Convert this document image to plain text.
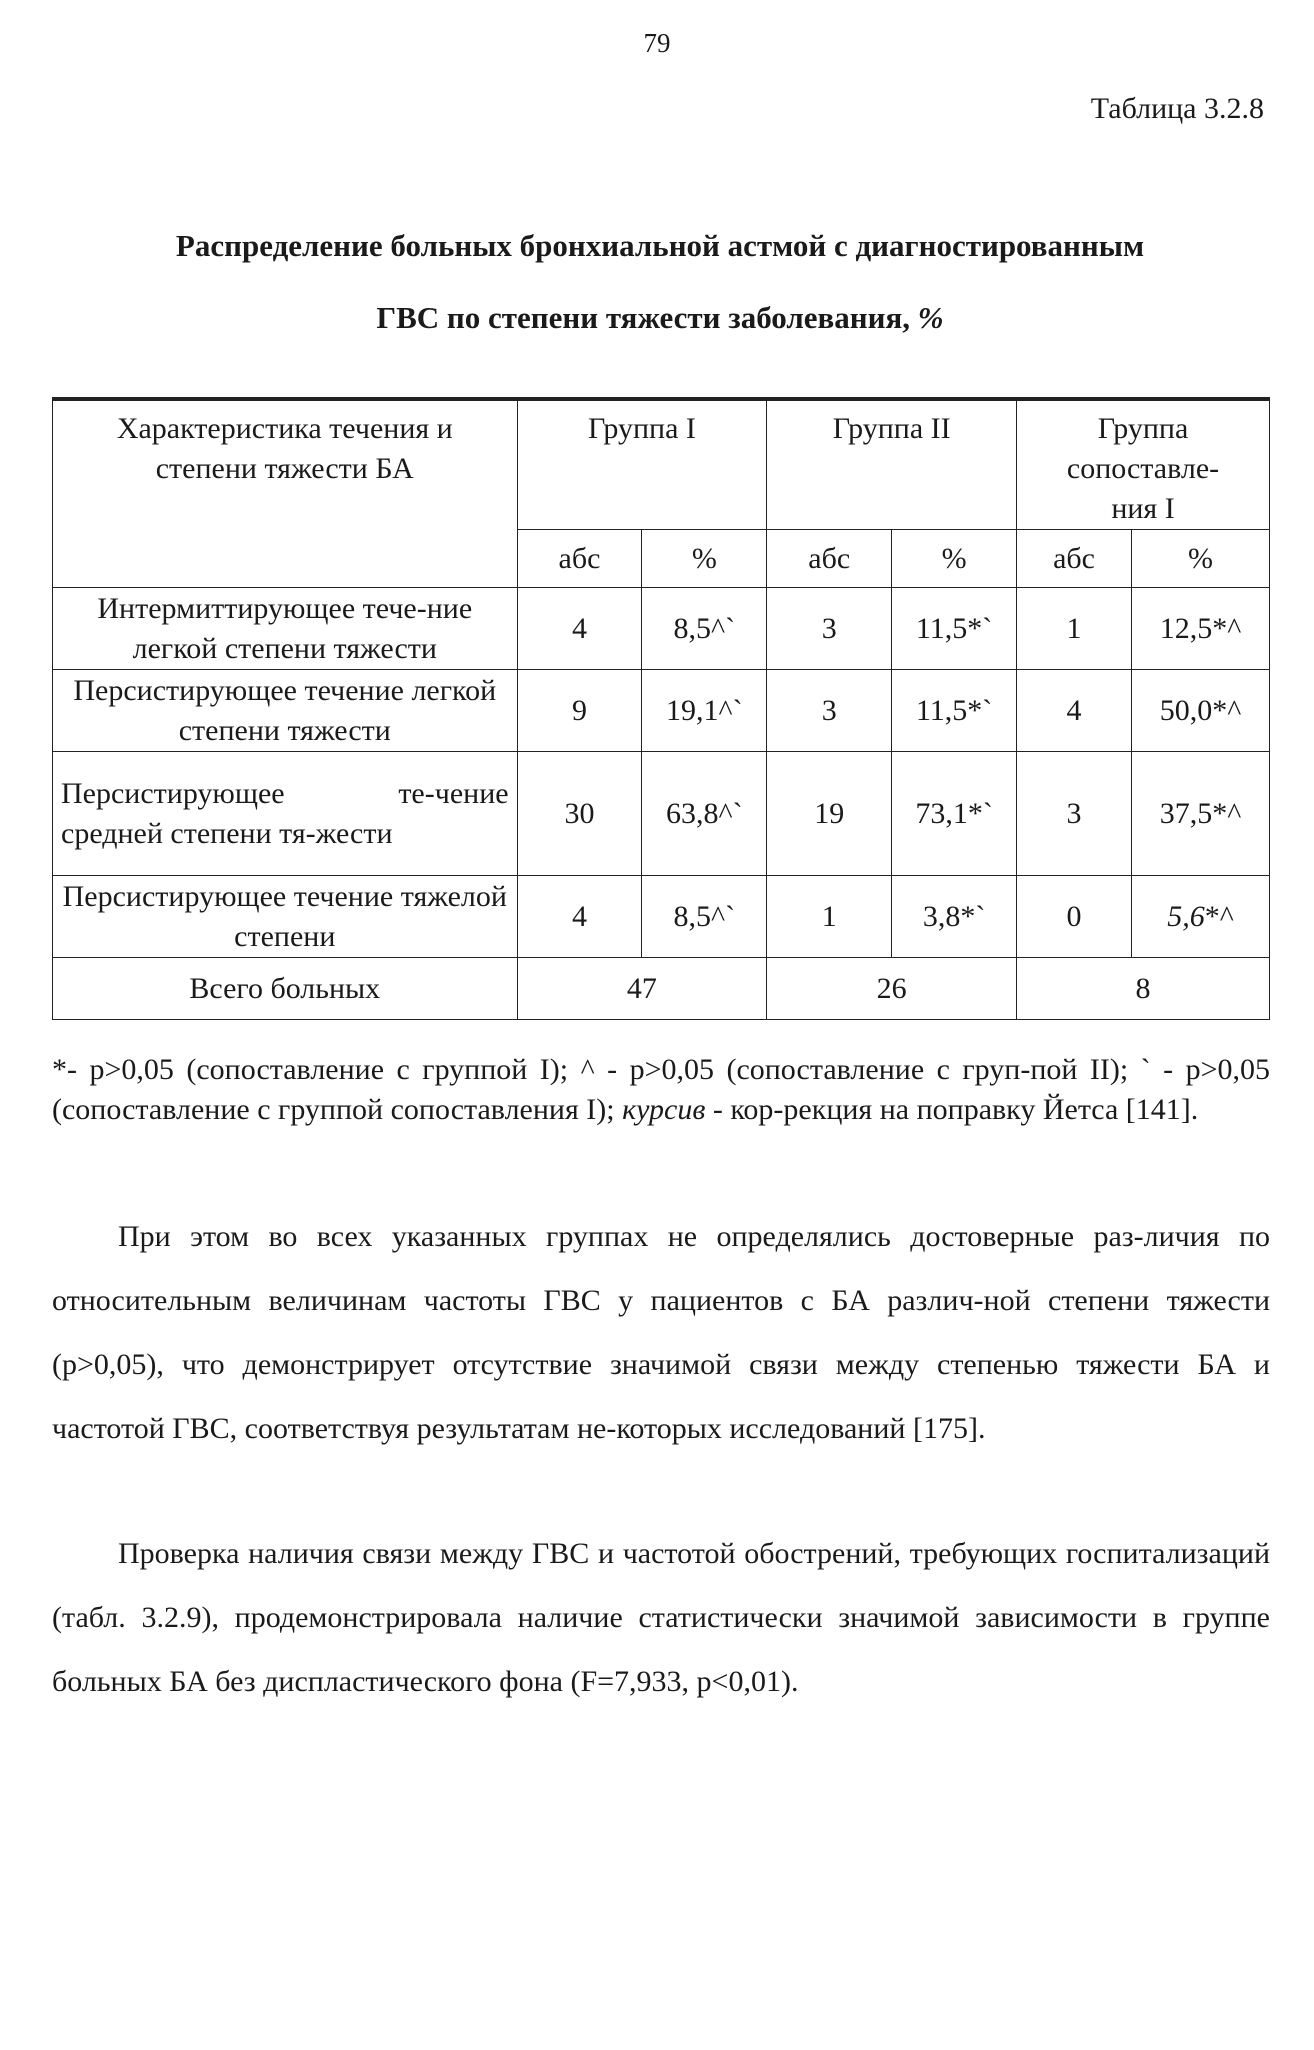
79
Таблица 3.2.8
Распределение больных бронхиальной астмой с диагностированным
ГВС по степени тяжести заболевания, %
Характеристика течения и степени тяжести БА	Группа I		Группа II		Группа сопоставле-ния I	
	абс	%	абс	%	абс	%
Интермиттирующее тече-ние легкой степени тяжести	4	8,5^`	3	11,5*`	1	12,5*^
Персистирующее течение легкой степени тяжести	9	19,1^`	3	11,5*`	4	50,0*^
Персистирующее те-чение средней степени тя-жести	30	63,8^`	19	73,1*`	3	37,5*^
Персистирующее течение тяжелой степени	4	8,5^`	1	3,8*`	0	5,6*^
Всего больных	47		26		8	
*- p>0,05 (сопоставление с группой I); ^ - p>0,05 (сопоставление с груп-пой II); ` - p>0,05 (сопоставление с группой сопоставления I); курсив - кор-рекция на поправку Йетса [141].
При этом во всех указанных группах не определялись достоверные раз-личия по относительным величинам частоты ГВС у пациентов с БА различ-ной степени тяжести (p>0,05), что демонстрирует отсутствие значимой связи между степенью тяжести БА и частотой ГВС, соответствуя результатам не-которых исследований [175].
Проверка наличия связи между ГВС и частотой обострений, требующих госпитализаций (табл. 3.2.9), продемонстрировала наличие статистически значимой зависимости в группе больных БА без диспластического фона (F=7,933, p<0,01).
